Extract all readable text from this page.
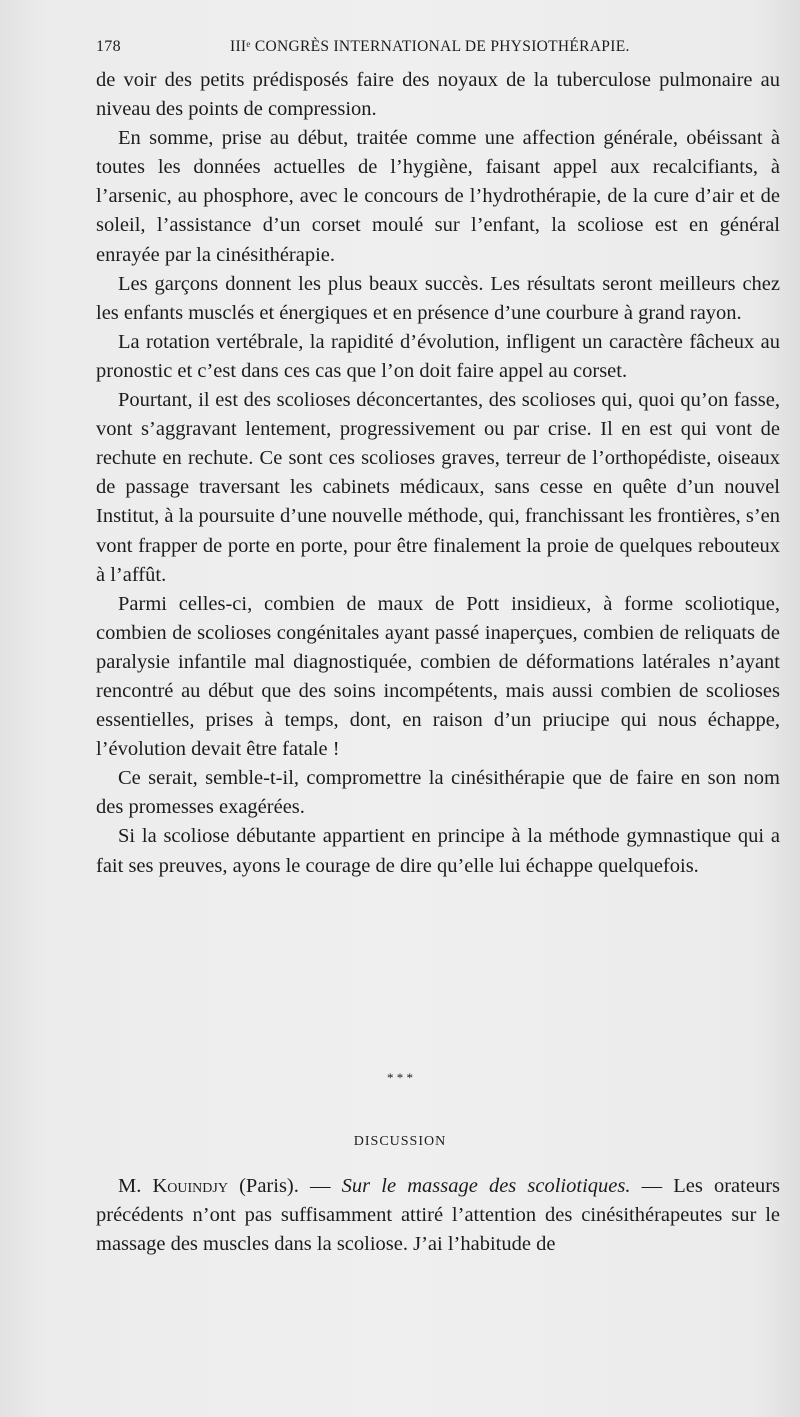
178	IIIᵉ CONGRÈS INTERNATIONAL DE PHYSIOTHÉRAPIE.

de voir des petits prédisposés faire des noyaux de la tuberculose pulmonaire au niveau des points de compression.

En somme, prise au début, traitée comme une affection générale, obéissant à toutes les données actuelles de l’hygiène, faisant appel aux recalcifiants, à l’arsenic, au phosphore, avec le concours de l’hydrothérapie, de la cure d’air et de soleil, l’assistance d’un corset moulé sur l’enfant, la scoliose est en général enrayée par la cinésithérapie.

Les garçons donnent les plus beaux succès. Les résultats seront meilleurs chez les enfants musclés et énergiques et en présence d’une courbure à grand rayon.

La rotation vertébrale, la rapidité d’évolution, infligent un caractère fâcheux au pronostic et c’est dans ces cas que l’on doit faire appel au corset.

Pourtant, il est des scolioses déconcertantes, des scolioses qui, quoi qu’on fasse, vont s’aggravant lentement, progressivement ou par crise. Il en est qui vont de rechute en rechute. Ce sont ces scolioses graves, terreur de l’orthopédiste, oiseaux de passage traversant les cabinets médicaux, sans cesse en quête d’un nouvel Institut, à la poursuite d’une nouvelle méthode, qui, franchissant les frontières, s’en vont frapper de porte en porte, pour être finalement la proie de quelques rebouteux à l’affût.

Parmi celles-ci, combien de maux de Pott insidieux, à forme scoliotique, combien de scolioses congénitales ayant passé inaperçues, combien de reliquats de paralysie infantile mal diagnostiquée, combien de déformations latérales n’ayant rencontré au début que des soins incompétents, mais aussi combien de scolioses essentielles, prises à temps, dont, en raison d’un priucipe qui nous échappe, l’évolution devait être fatale !

Ce serait, semble-t-il, compromettre la cinésithérapie que de faire en son nom des promesses exagérées.

Si la scoliose débutante appartient en principe à la méthode gymnastique qui a fait ses preuves, ayons le courage de dire qu’elle lui échappe quelquefois.

* * *
DISCUSSION

M. Kouindjy (Paris). — Sur le massage des scoliotiques. — Les orateurs précédents n’ont pas suffisamment attiré l’attention des cinésithérapeutes sur le massage des muscles dans la scoliose. J’ai l’habitude de
